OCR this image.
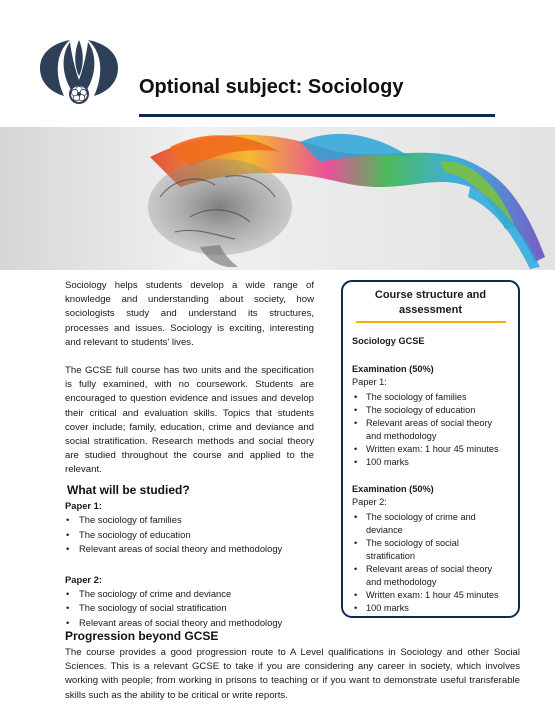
Optional subject: Sociology

Sociology helps students develop a wide range of knowledge and understanding about society, how sociologists study and understand its structures, processes and issues. Sociology is exciting, interesting and relevant to students' lives.

The GCSE full course has two units and the specification is fully examined, with no coursework. Students are encouraged to question evidence and issues and develop their critical and evaluation skills. Topics that students cover include; family, education, crime and deviance and social stratification. Research methods and social theory are studied throughout the course and applied to the relevant.

What will be studied?

Paper 1:

• The sociology of families
• The sociology of education
• Relevant areas of social theory and methodology

Paper 2:

• The sociology of crime and deviance
• The sociology of social stratification
• Relevant areas of social theory and methodology

Course structure and assessment

Sociology GCSE

Examination (50%)

Paper 1:

• The sociology of families
• The sociology of education
• Relevant areas of social theory and methodology
• Written exam: 1 hour 45 minutes
• 100 marks

Examination (50%)

Paper 2:

• The sociology of crime and deviance
• The sociology of social stratification
• Relevant areas of social theory and methodology
• Written exam: 1 hour 45 minutes
• 100 marks
Progression beyond GCSE

The course provides a good progression route to A Level qualifications in Sociology and other Social Sciences. This is a relevant GCSE to take if you are considering any career in society, which involves working with people; from working in prisons to teaching or if you want to demonstrate useful transferable skills such as the ability to be critical or write reports.
